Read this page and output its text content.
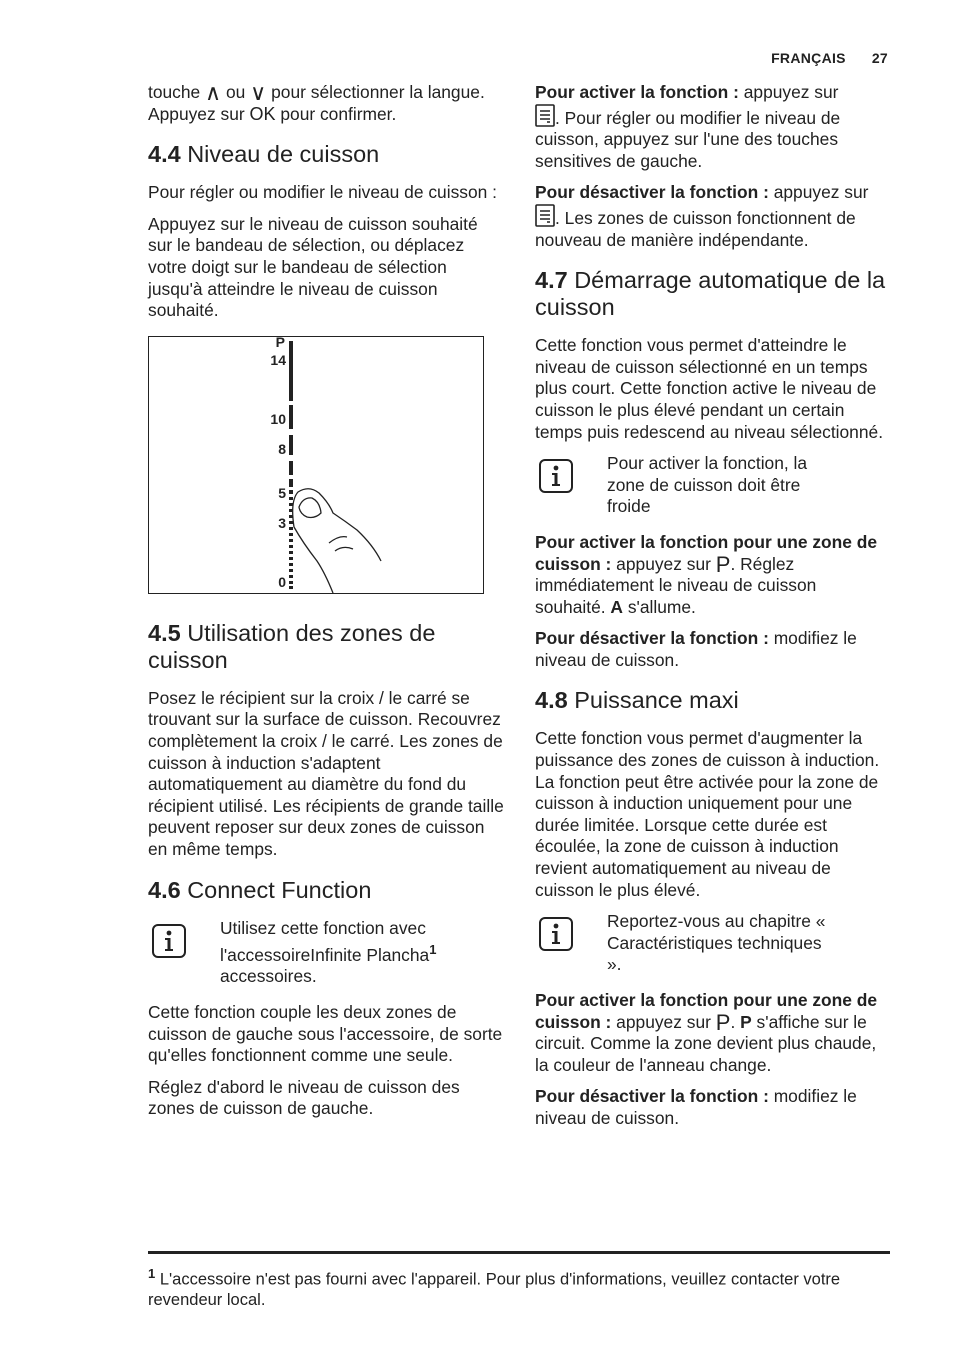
FRANÇAIS 27

touche ∧ ou ∨ pour sélectionner la langue. Appuyez sur OK pour confirmer.

4.4 Niveau de cuisson

Pour régler ou modifier le niveau de cuisson :

Appuyez sur le niveau de cuisson souhaité sur le bandeau de sélection, ou déplacez votre doigt sur le bandeau de sélection jusqu'à atteindre le niveau de cuisson souhaité.

P
14
10
8
5
3
0
4.5 Utilisation des zones de cuisson

Posez le récipient sur la croix / le carré se trouvant sur la surface de cuisson. Recouvrez complètement la croix / le carré. Les zones de cuisson à induction s'adaptent automatiquement au diamètre du fond du récipient utilisé. Les récipients de grande taille peuvent reposer sur deux zones de cuisson en même temps.

4.6 Connect Function

Utilisez cette fonction avec l'accessoireInfinite Plancha$^1$ accessoires.

Cette fonction couple les deux zones de cuisson de gauche sous l'accessoire, de sorte qu'elles fonctionnent comme une seule.

Réglez d'abord le niveau de cuisson des zones de cuisson de gauche.

Pour activer la fonction : appuyez sur
. Pour régler ou modifier le niveau de cuisson, appuyez sur l'une des touches sensitives de gauche.

Pour désactiver la fonction : appuyez sur . Les zones de cuisson fonctionnent de nouveau de manière indépendante.

4.7 Démarrage automatique de la cuisson

Cette fonction vous permet d'atteindre le niveau de cuisson sélectionné en un temps plus court. Cette fonction active le niveau de cuisson le plus élevé pendant un certain temps puis redescend au niveau sélectionné.

Pour activer la fonction, la zone de cuisson doit être froide

Pour activer la fonction pour une zone de cuisson : appuyez sur P. Réglez immédiatement le niveau de cuisson souhaité. A s'allume.

Pour désactiver la fonction : modifiez le niveau de cuisson.

4.8 Puissance maxi

Cette fonction vous permet d'augmenter la puissance des zones de cuisson à induction. La fonction peut être activée pour la zone de cuisson à induction uniquement pour une durée limitée. Lorsque cette durée est écoulée, la zone de cuisson à induction revient automatiquement au niveau de cuisson le plus élevé.

Reportez-vous au chapitre « Caractéristiques techniques ».

Pour activer la fonction pour une zone de cuisson : appuyez sur P. P s'affiche sur le circuit. Comme la zone devient plus chaude, la couleur de l'anneau change.

Pour désactiver la fonction : modifiez le niveau de cuisson.

$^1$ L'accessoire n'est pas fourni avec l'appareil. Pour plus d'informations, veuillez contacter votre revendeur local.
